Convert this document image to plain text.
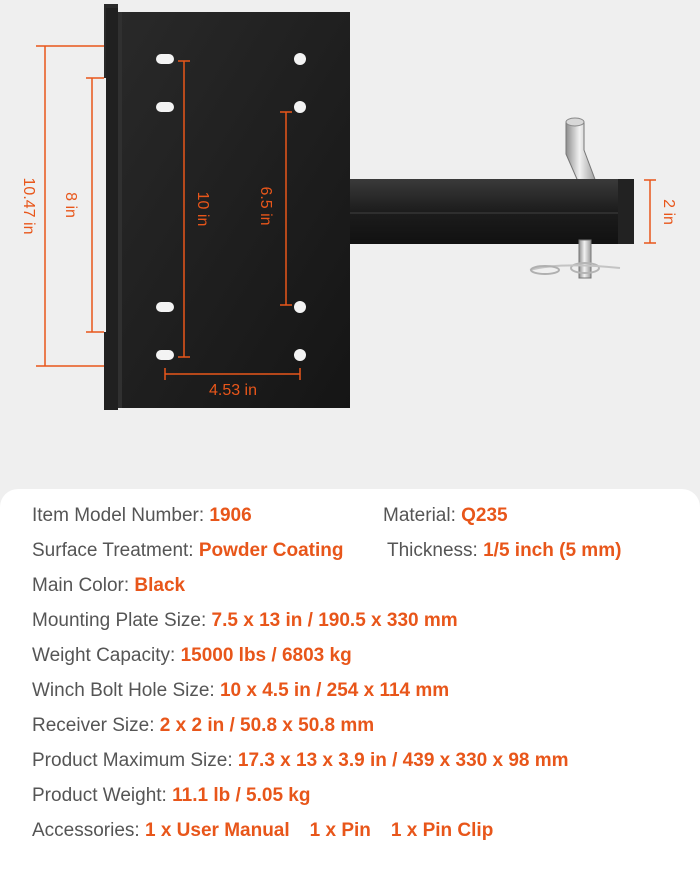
10.47 in 8 in	10 in	6.5 in
4.53 in
2 in
Item Model Number: 1906	Material: Q235
Surface Treatment: Powder Coating Thickness: 1/5 inch (5 mm)
Main Color: Black
Mounting Plate Size: 7.5 x 13 in / 190.5 x 330 mm
Weight Capacity: 15000 lbs / 6803 kg
Winch Bolt Hole Size: 10 x 4.5 in / 254 x 114 mm
Receiver Size: 2 x 2 in / 50.8 x 50.8 mm
Product Maximum Size: 17.3 x 13 x 3.9 in / 439 x 330 x 98 mm
Product Weight: 11.1 lb / 5.05 kg
Accessories: 1 x User Manual 1 x Pin 1 x Pin Clip
